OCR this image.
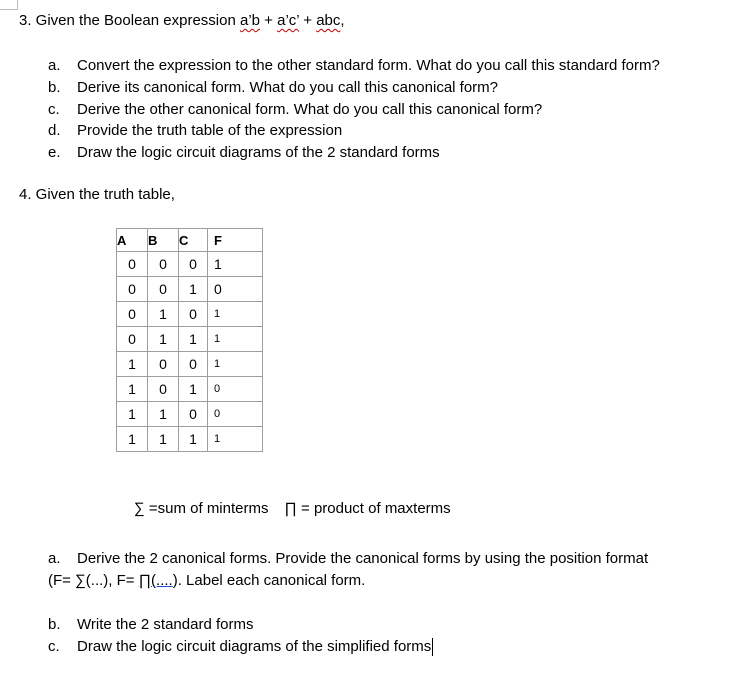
3. Given the Boolean expression a’b + a’c’ + abc,
a.	Convert the expression to the other standard form. What do you call this standard form?
b.	Derive its canonical form. What do you call this canonical form?
c.	Derive the other canonical form. What do you call this canonical form?
d.	Provide the truth table of the expression
e.	Draw the logic circuit diagrams of the 2 standard forms
4. Given the truth table,
A	B	C	F
0	0	0	1
0	0	1	0
0	1	0	1
0	1	1	1
1	0	0	1
1	0	1	0
1	1	0	0
1	1	1	1
∑ =sum of minterms ∏ = product of maxterms
a.	Derive the 2 canonical forms. Provide the canonical forms by using the position format
(F= ∑(...), F= ∏(....). Label each canonical form.
b.	Write the 2 standard forms
c.	Draw the logic circuit diagrams of the simplified forms
